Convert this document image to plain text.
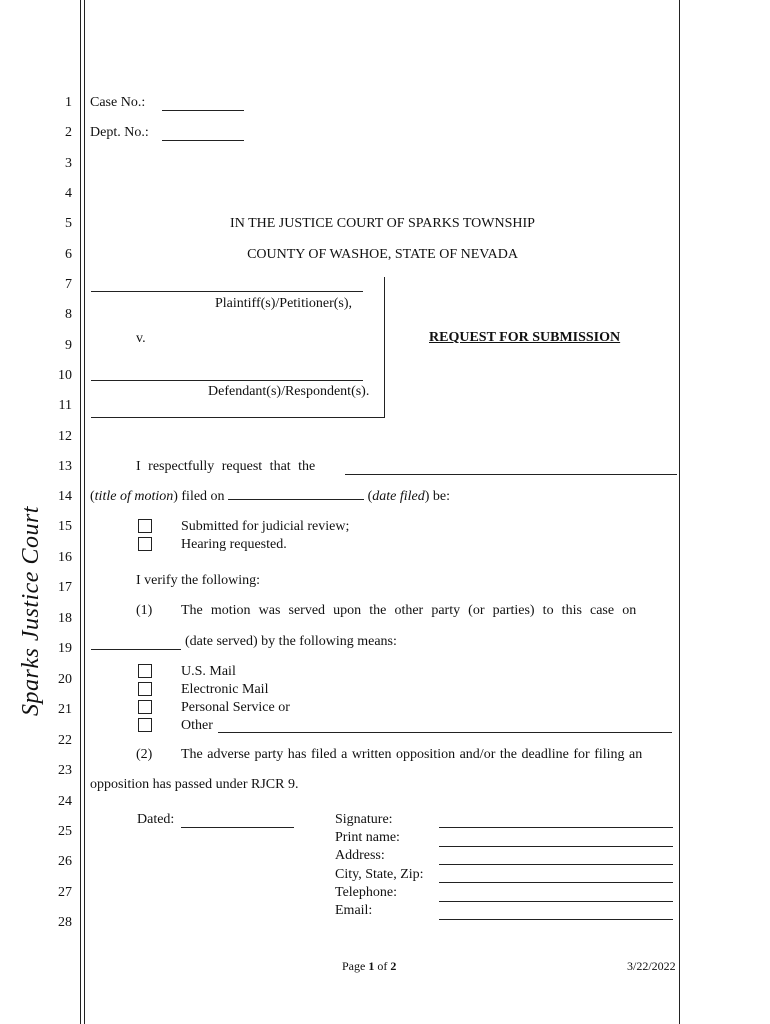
Sparks Justice Court
1
2
3
4
5
6
7
8
9
10
11
12
13
14
15
16
17
18
19
20
21
22
23
24
25
26
27
28
Case No.:
Dept. No.:
IN THE JUSTICE COURT OF SPARKS TOWNSHIP
COUNTY OF WASHOE, STATE OF NEVADA
Plaintiff(s)/Petitioner(s),
v.
Defendant(s)/Respondent(s).
REQUEST FOR SUBMISSION
I respectfully request that the
(title of motion) filed on	(date filed) be:
Submitted for judicial review;
Hearing requested.
I verify the following:
(1) The motion was served upon the other party (or parties) to this case on
(date served) by the following means:
U.S. Mail
Electronic Mail
Personal Service or
Other
(2) The adverse party has filed a written opposition and/or the deadline for filing an
opposition has passed under RJCR 9.
Dated:	Signature:
Print name:
Address:
City, State, Zip:
Telephone:
Email:
Page 1 of 2	3/22/2022
